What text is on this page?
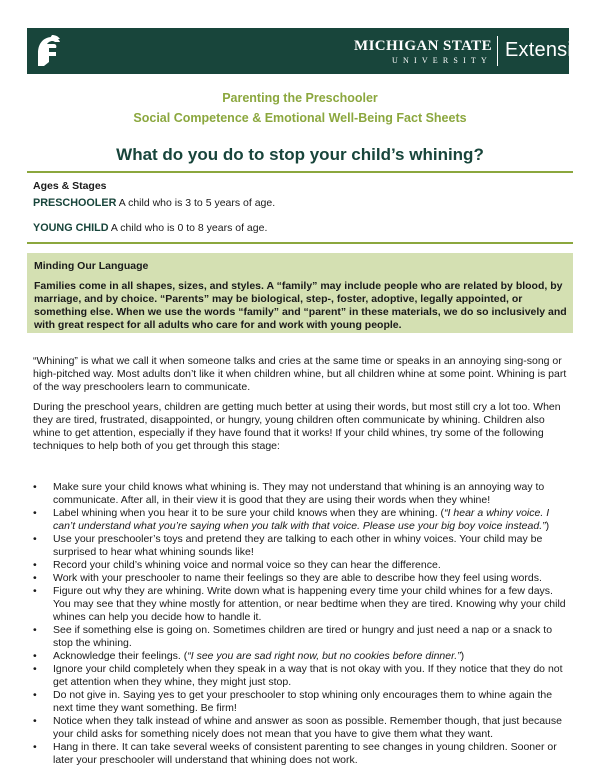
MICHIGAN STATE
UNIVERSITY Extension
Parenting the Preschooler
Social Competence & Emotional Well-Being Fact Sheets
What do you do to stop your child’s whining?
Ages & Stages
PRESCHOOLER A child who is 3 to 5 years of age.
YOUNG CHILD A child who is 0 to 8 years of age.
Minding Our Language
Families come in all shapes, sizes, and styles. A “family” may include people who are related by blood, by marriage, and by choice. “Parents” may be biological, step-, foster, adoptive, legally appointed, or something else. When we use the words “family” and “parent” in these materials, we do so inclusively and with great respect for all adults who care for and work with young people.
“Whining” is what we call it when someone talks and cries at the same time or speaks in an annoying sing-song or high-pitched way. Most adults don’t like it when children whine, but all children whine at some point. Whining is part of the way preschoolers learn to communicate.
During the preschool years, children are getting much better at using their words, but most still cry a lot too. When they are tired, frustrated, disappointed, or hungry, young children often communicate by whining. Children also whine to get attention, especially if they have found that it works! If your child whines, try some of the following techniques to help both of you get through this stage:
• Make sure your child knows what whining is. They may not understand that whining is an annoying way to communicate. After all, in their view it is good that they are using their words when they whine!
• Label whining when you hear it to be sure your child knows when they are whining. (“I hear a whiny voice. I can’t understand what you’re saying when you talk with that voice. Please use your big boy voice instead.”)
• Use your preschooler’s toys and pretend they are talking to each other in whiny voices. Your child may be surprised to hear what whining sounds like!
• Record your child’s whining voice and normal voice so they can hear the difference.
• Work with your preschooler to name their feelings so they are able to describe how they feel using words.
• Figure out why they are whining. Write down what is happening every time your child whines for a few days. You may see that they whine mostly for attention, or near bedtime when they are tired. Knowing why your child whines can help you decide how to handle it.
• See if something else is going on. Sometimes children are tired or hungry and just need a nap or a snack to stop the whining.
• Acknowledge their feelings. (“I see you are sad right now, but no cookies before dinner.”)
• Ignore your child completely when they speak in a way that is not okay with you. If they notice that they do not get attention when they whine, they might just stop.
• Do not give in. Saying yes to get your preschooler to stop whining only encourages them to whine again the next time they want something. Be firm!
• Notice when they talk instead of whine and answer as soon as possible. Remember though, that just because your child asks for something nicely does not mean that you have to give them what they want.
• Hang in there. It can take several weeks of consistent parenting to see changes in young children. Sooner or later your preschooler will understand that whining does not work.
